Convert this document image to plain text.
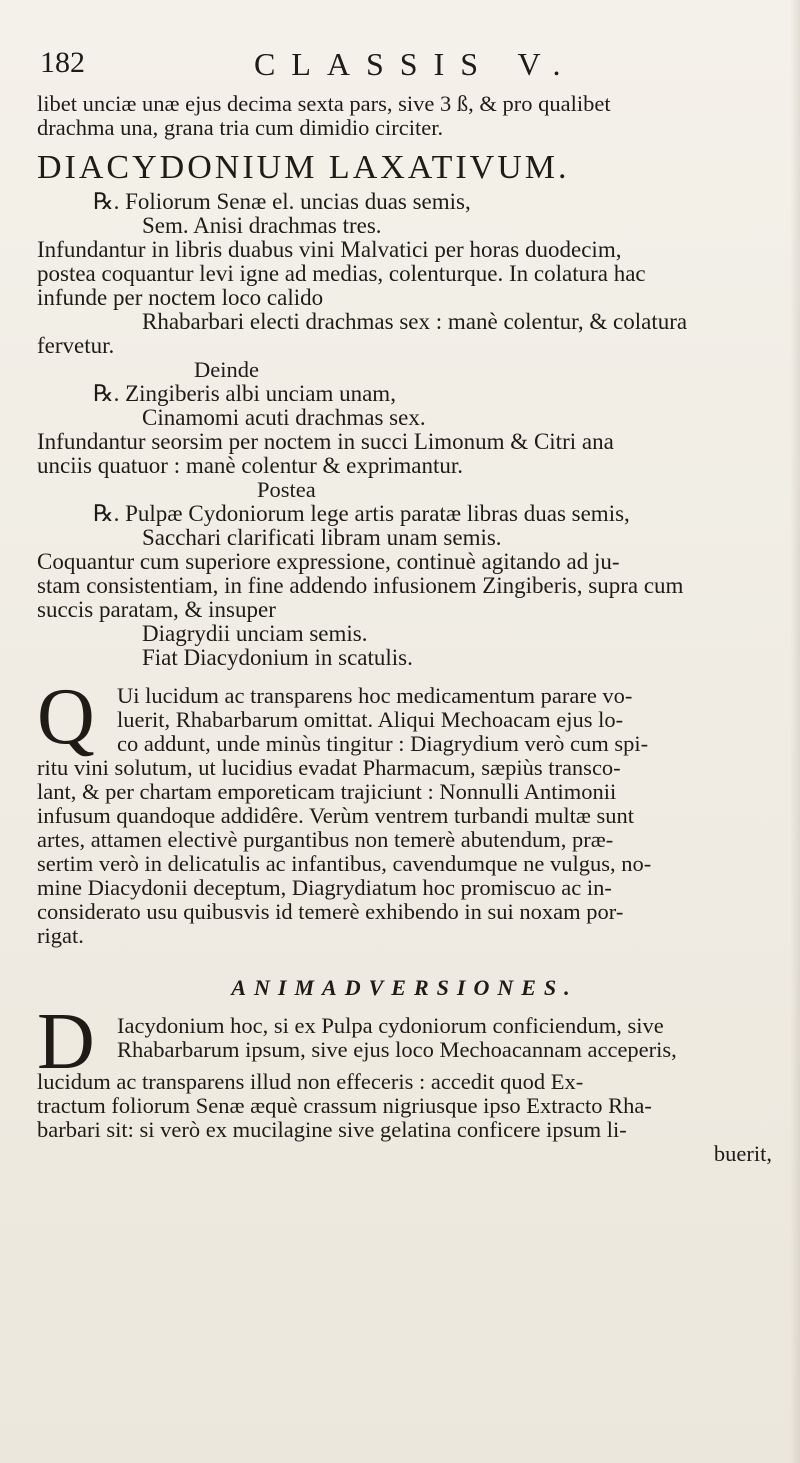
182	CLASSIS V.

libet unciæ unæ ejus decima sexta pars, sive 3 ß, & pro qualibet

drachma una, grana tria cum dimidio circiter.

DIACYDONIUM LAXATIVUM.

℞. Foliorum Senæ el. uncias duas semis,

Sem. Anisi drachmas tres.

Infundantur in libris duabus vini Malvatici per horas duodecim,

postea coquantur levi igne ad medias, colenturque. In colatura hac

infunde per noctem loco calido

Rhabarbari electi drachmas sex : manè colentur, & colatura

fervetur.

Deinde

℞. Zingiberis albi unciam unam,

Cinamomi acuti drachmas sex.

Infundantur seorsim per noctem in succi Limonum & Citri ana

unciis quatuor : manè colentur & exprimantur.

Postea

℞. Pulpæ Cydoniorum lege artis paratæ libras duas semis,

Sacchari clarificati libram unam semis.

Coquantur cum superiore expressione, continuè agitando ad ju-

stam consistentiam, in fine addendo infusionem Zingiberis, supra cum

succis paratam, & insuper

Diagrydii unciam semis.

Fiat Diacydonium in scatulis.

Q Ui lucidum ac transparens hoc medicamentum parare vo-

luerit, Rhabarbarum omittat. Aliqui Mechoacam ejus lo-

co addunt, unde minùs tingitur : Diagrydium verò cum spi-

ritu vini solutum, ut lucidius evadat Pharmacum, sæpiùs transco-

lant, & per chartam emporeticam trajiciunt : Nonnulli Antimonii

infusum quandoque addidêre. Verùm ventrem turbandi multæ sunt

artes, attamen electivè purgantibus non temerè abutendum, præ-

sertim verò in delicatulis ac infantibus, cavendumque ne vulgus, no-

mine Diacydonii deceptum, Diagrydiatum hoc promiscuo ac in-

considerato usu quibusvis id temerè exhibendo in sui noxam por-

rigat.

ANIMADVERSIONES.

D Iacydonium hoc, si ex Pulpa cydoniorum conficiendum, sive

Rhabarbarum ipsum, sive ejus loco Mechoacannam acceperis,

lucidum ac transparens illud non effeceris : accedit quod Ex-

tractum foliorum Senæ æquè crassum nigriusque ipso Extracto Rha-

barbari sit: si verò ex mucilagine sive gelatina conficere ipsum li-

buerit,
